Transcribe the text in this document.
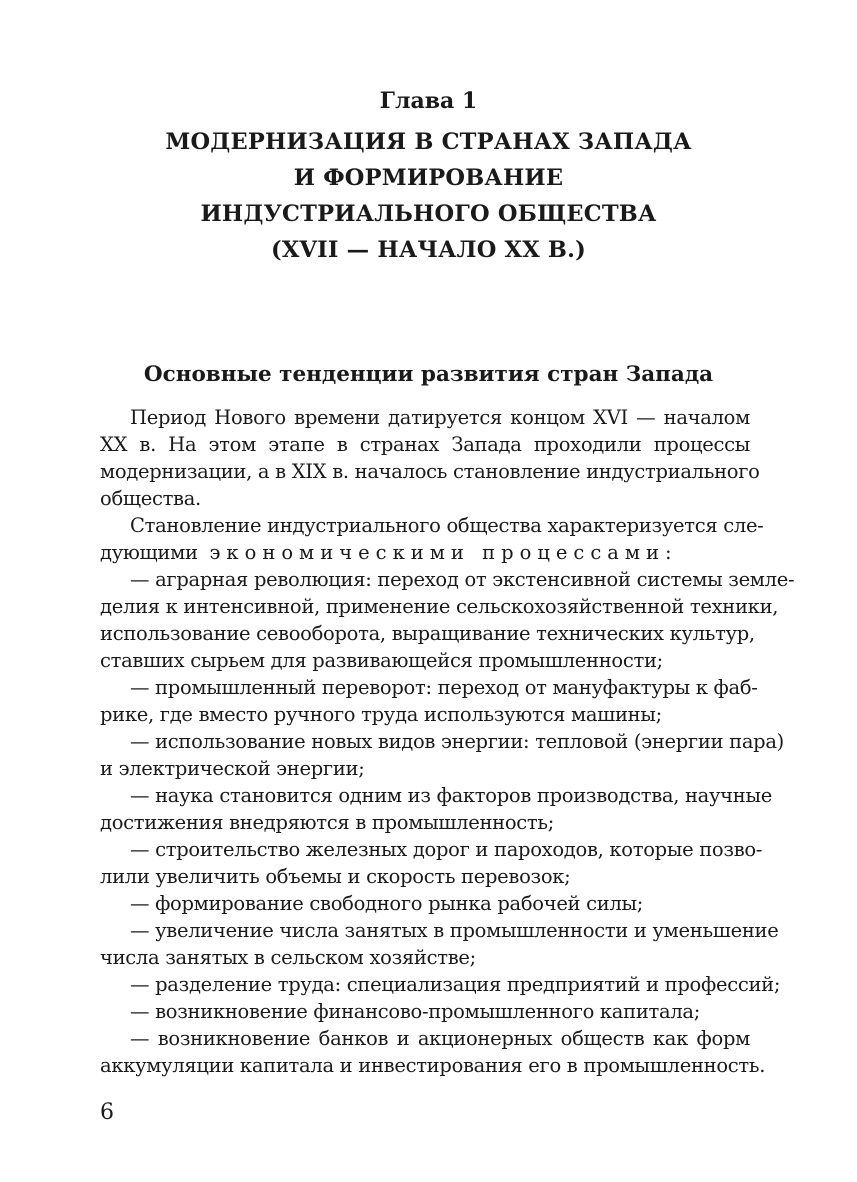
Глава 1
МОДЕРНИЗАЦИЯ В СТРАНАХ ЗАПАДА
И ФОРМИРОВАНИЕ
ИНДУСТРИАЛЬНОГО ОБЩЕСТВА
(XVII — НАЧАЛО XX В.)
Основные тенденции развития стран Запада
Период Нового времени датируется концом XVI — началом
XX в. На этом этапе в странах Запада проходили процессы
модернизации, а в XIX в. началось становление индустриального
общества.
Становление индустриального общества характеризуется сле-
дующими экономическими процессами:
— аграрная революция: переход от экстенсивной системы земле-
делия к интенсивной, применение сельскохозяйственной техники,
использование севооборота, выращивание технических культур,
ставших сырьем для развивающейся промышленности;
— промышленный переворот: переход от мануфактуры к фаб-
рике, где вместо ручного труда используются машины;
— использование новых видов энергии: тепловой (энергии пара)
и электрической энергии;
— наука становится одним из факторов производства, научные
достижения внедряются в промышленность;
— строительство железных дорог и пароходов, которые позво-
лили увеличить объемы и скорость перевозок;
— формирование свободного рынка рабочей силы;
— увеличение числа занятых в промышленности и уменьшение
числа занятых в сельском хозяйстве;
— разделение труда: специализация предприятий и профессий;
— возникновение финансово-промышленного капитала;
— возникновение банков и акционерных обществ как форм
аккумуляции капитала и инвестирования его в промышленность.
6
